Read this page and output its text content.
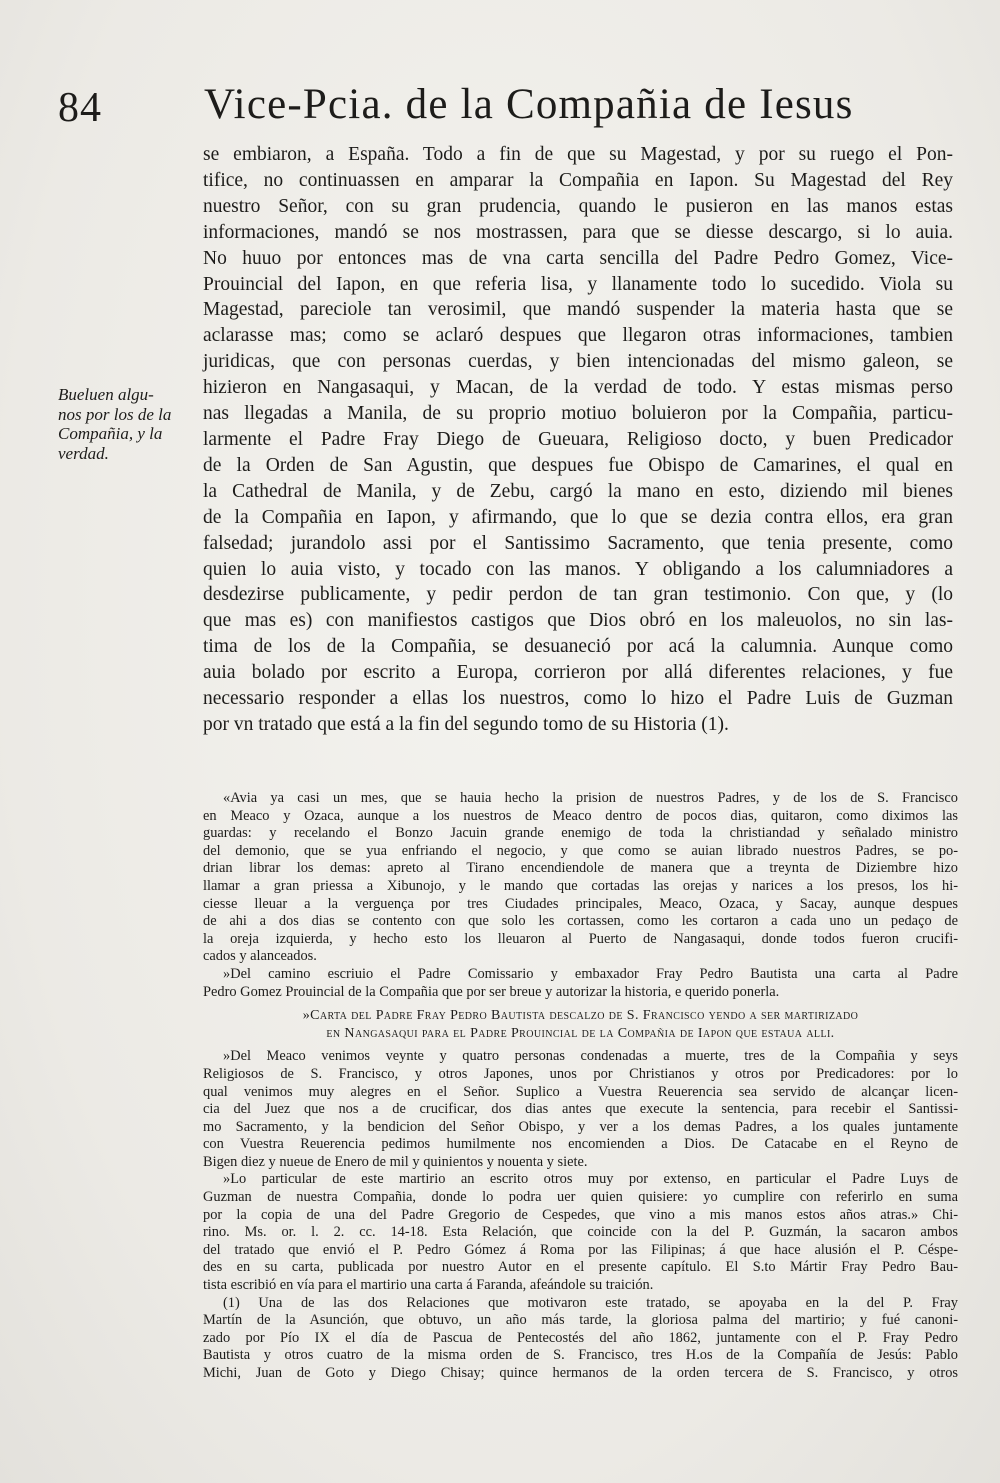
84 Vice-Pcia. de la Compañia de Iesus
Bueluen algu-
nos por los de la
Compañia, y la
verdad.
se embiaron, a España. Todo a fin de que su Magestad, y por su ruego el Pon-
tifice, no continuassen en amparar la Compañia en Iapon. Su Magestad del Rey
nuestro Señor, con su gran prudencia, quando le pusieron en las manos estas
informaciones, mandó se nos mostrassen, para que se diesse descargo, si lo auia.
No huuo por entonces mas de vna carta sencilla del Padre Pedro Gomez, Vice-
Prouincial del Iapon, en que referia lisa, y llanamente todo lo sucedido. Viola su
Magestad, pareciole tan verosimil, que mandó suspender la materia hasta que se
aclarasse mas; como se aclaró despues que llegaron otras informaciones, tambien
juridicas, que con personas cuerdas, y bien intencionadas del mismo galeon, se
hizieron en Nangasaqui, y Macan, de la verdad de todo. Y estas mismas perso
nas llegadas a Manila, de su proprio motiuo boluieron por la Compañia, particu-
larmente el Padre Fray Diego de Gueuara, Religioso docto, y buen Predicador
de la Orden de San Agustin, que despues fue Obispo de Camarines, el qual en
la Cathedral de Manila, y de Zebu, cargó la mano en esto, diziendo mil bienes
de la Compañia en Iapon, y afirmando, que lo que se dezia contra ellos, era gran
falsedad; jurandolo assi por el Santissimo Sacramento, que tenia presente, como
quien lo auia visto, y tocado con las manos. Y obligando a los calumniadores a
desdezirse publicamente, y pedir perdon de tan gran testimonio. Con que, y (lo
que mas es) con manifiestos castigos que Dios obró en los maleuolos, no sin las-
tima de los de la Compañia, se desuaneció por acá la calumnia. Aunque como
auia bolado por escrito a Europa, corrieron por allá diferentes relaciones, y fue
necessario responder a ellas los nuestros, como lo hizo el Padre Luis de Guzman
por vn tratado que está a la fin del segundo tomo de su Historia (1).
«Avia ya casi un mes, que se hauia hecho la prision de nuestros Padres, y de los de S. Francisco
en Meaco y Ozaca, aunque a los nuestros de Meaco dentro de pocos dias, quitaron, como diximos las
guardas: y recelando el Bonzo Jacuin grande enemigo de toda la christiandad y señalado ministro
del demonio, que se yua enfriando el negocio, y que como se auian librado nuestros Padres, se po-
drian librar los demas: apreto al Tirano encendiendole de manera que a treynta de Diziembre hizo
llamar a gran priessa a Xibunojo, y le mando que cortadas las orejas y narices a los presos, los hi-
ciesse lleuar a la verguença por tres Ciudades principales, Meaco, Ozaca, y Sacay, aunque despues
de ahi a dos dias se contento con que solo les cortassen, como les cortaron a cada uno un pedaço de
la oreja izquierda, y hecho esto los lleuaron al Puerto de Nangasaqui, donde todos fueron crucifi-
cados y alanceados.
»Del camino escriuio el Padre Comissario y embaxador Fray Pedro Bautista una carta al Padre
Pedro Gomez Prouincial de la Compañia que por ser breue y autorizar la historia, e querido ponerla.
»Carta del Padre Fray Pedro Bautista descalzo de S. Francisco yendo a ser martirizado
en Nangasaqui para el Padre Prouincial de la Compañia de Iapon que estaua alli.
»Del Meaco venimos veynte y quatro personas condenadas a muerte, tres de la Compañia y seys
Religiosos de S. Francisco, y otros Japones, unos por Christianos y otros por Predicadores: por lo
qual venimos muy alegres en el Señor. Suplico a Vuestra Reuerencia sea servido de alcançar licen-
cia del Juez que nos a de crucificar, dos dias antes que execute la sentencia, para recebir el Santissi-
mo Sacramento, y la bendicion del Señor Obispo, y ver a los demas Padres, a los quales juntamente
con Vuestra Reuerencia pedimos humilmente nos encomienden a Dios. De Catacabe en el Reyno de
Bigen diez y nueue de Enero de mil y quinientos y nouenta y siete.
»Lo particular de este martirio an escrito otros muy por extenso, en particular el Padre Luys de
Guzman de nuestra Compañia, donde lo podra uer quien quisiere: yo cumplire con referirlo en suma
por la copia de una del Padre Gregorio de Cespedes, que vino a mis manos estos años atras.» Chi-
rino. Ms. or. l. 2. cc. 14-18. Esta Relación, que coincide con la del P. Guzmán, la sacaron ambos
del tratado que envió el P. Pedro Gómez á Roma por las Filipinas; á que hace alusión el P. Céspe-
des en su carta, publicada por nuestro Autor en el presente capítulo. El S.to Mártir Fray Pedro Bau-
tista escribió en vía para el martirio una carta á Faranda, afeándole su traición.
(1) Una de las dos Relaciones que motivaron este tratado, se apoyaba en la del P. Fray
Martín de la Asunción, que obtuvo, un año más tarde, la gloriosa palma del martirio; y fué canoni-
zado por Pío IX el día de Pascua de Pentecostés del año 1862, juntamente con el P. Fray Pedro
Bautista y otros cuatro de la misma orden de S. Francisco, tres H.os de la Compañía de Jesús: Pablo
Michi, Juan de Goto y Diego Chisay; quince hermanos de la orden tercera de S. Francisco, y otros
